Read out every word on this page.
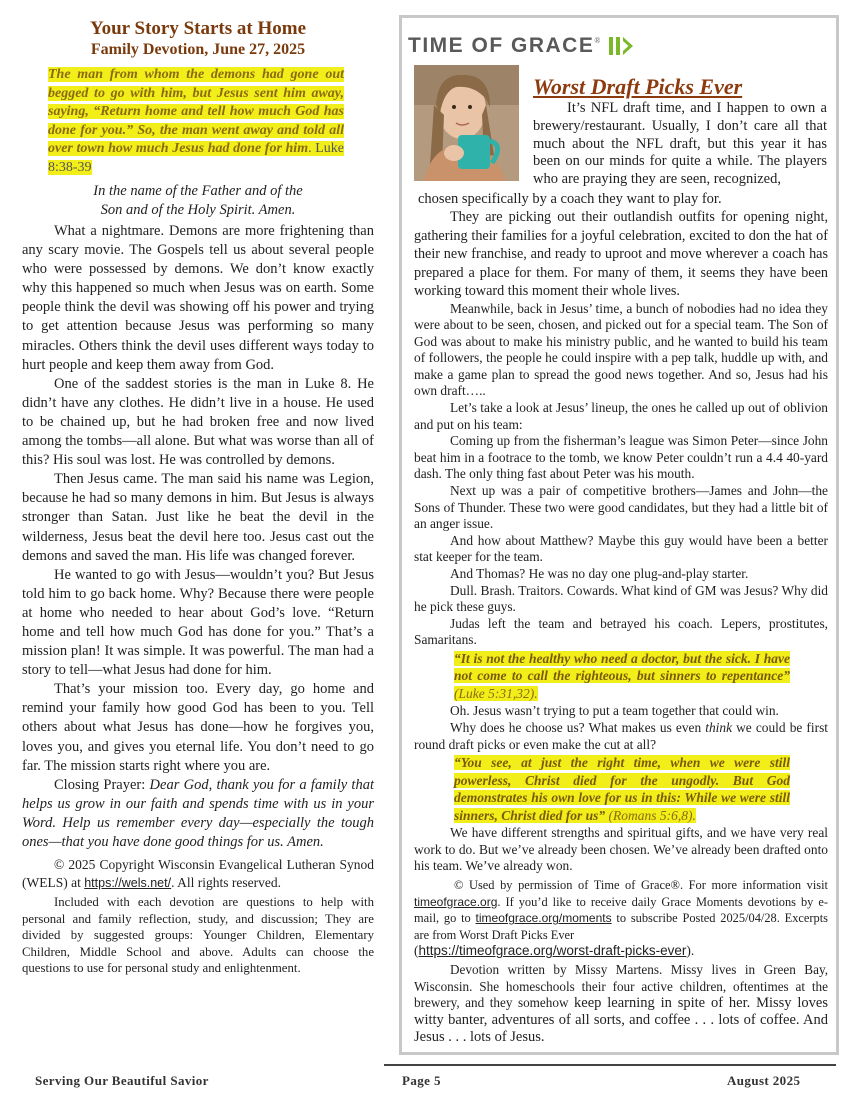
Your Story Starts at Home
Family Devotion, June 27, 2025
The man from whom the demons had gone out begged to go with him, but Jesus sent him away, saying, “Return home and tell how much God has done for you.” So, the man went away and told all over town how much Jesus had done for him. Luke 8:38-39
In the name of the Father and of the
Son and of the Holy Spirit. Amen.

What a nightmare. Demons are more frightening than any scary movie. The Gospels tell us about several people who were possessed by demons. We don’t know exactly why this happened so much when Jesus was on earth. Some people think the devil was showing off his power and trying to get attention because Jesus was performing so many miracles. Others think the devil uses different ways today to hurt people and keep them away from God.

One of the saddest stories is the man in Luke 8. He didn’t have any clothes. He didn’t live in a house. He used to be chained up, but he had broken free and now lived among the tombs—all alone. But what was worse than all of this? His soul was lost. He was controlled by demons.

Then Jesus came. The man said his name was Legion, because he had so many demons in him. But Jesus is always stronger than Satan. Just like he beat the devil in the wilderness, Jesus beat the devil here too. Jesus cast out the demons and saved the man. His life was changed forever.

He wanted to go with Jesus—wouldn’t you? But Jesus told him to go back home. Why? Because there were people at home who needed to hear about God’s love. “Return home and tell how much God has done for you.” That’s a mission plan! It was simple. It was powerful. The man had a story to tell—what Jesus had done for him.

That’s your mission too. Every day, go home and remind your family how good God has been to you. Tell others about what Jesus has done—how he forgives you, loves you, and gives you eternal life. You don’t need to go far. The mission starts right where you are.

Closing Prayer: Dear God, thank you for a family that helps us grow in our faith and spends time with us in your Word. Help us remember every day—especially the tough ones—that you have done good things for us. Amen.

© 2025 Copyright Wisconsin Evangelical Lutheran Synod (WELS) at https://wels.net/. All rights reserved.

Included with each devotion are questions to help with personal and family reflection, study, and discussion; They are divided by suggested groups: Younger Children, Elementary Children, Middle School and above. Adults can choose the questions to use for personal study and enlightenment.

TIME OF GRACE ®
Worst Draft Picks Ever

It’s NFL draft time, and I happen to own a brewery/restaurant. Usually, I don’t care all that much about the NFL draft, but this year it has been on our minds for quite a while. The players who are praying they are seen, recognized,

chosen specifically by a coach they want to play for.

They are picking out their outlandish outfits for opening night, gathering their families for a joyful celebration, excited to don the hat of their new franchise, and ready to uproot and move wherever a coach has prepared a place for them. For many of them, it seems they have been working toward this moment their whole lives.

Meanwhile, back in Jesus’ time, a bunch of nobodies had no idea they were about to be seen, chosen, and picked out for a special team. The Son of God was about to make his ministry public, and he wanted to build his team of followers, the people he could inspire with a pep talk, huddle up with, and make a game plan to spread the good news together. And so, Jesus had his own draft…..

Let’s take a look at Jesus’ lineup, the ones he called up out of oblivion and put on his team:

Coming up from the fisherman’s league was Simon Peter—since John beat him in a footrace to the tomb, we know Peter couldn’t run a 4.4 40-yard dash. The only thing fast about Peter was his mouth.

Next up was a pair of competitive brothers—James and John—the Sons of Thunder. These two were good candidates, but they had a little bit of an anger issue.

And how about Matthew? Maybe this guy would have been a better stat keeper for the team.

And Thomas? He was no day one plug-and-play starter.

Dull. Brash. Traitors. Cowards. What kind of GM was Jesus? Why did he pick these guys.

Judas left the team and betrayed his coach. Lepers, prostitutes, Samaritans.

“It is not the healthy who need a doctor, but the sick. I have not come to call the righteous, but sinners to repentance” (Luke 5:31,32).

Oh. Jesus wasn’t trying to put a team together that could win.

Why does he choose us? What makes us even think we could be first round draft picks or even make the cut at all?

“You see, at just the right time, when we were still powerless, Christ died for the ungodly. But God demonstrates his own love for us in this: While we were still sinners, Christ died for us” (Romans 5:6,8).

We have different strengths and spiritual gifts, and we have very real work to do. But we’ve already been chosen. We’ve already been drafted onto his team. We’ve already won.

© Used by permission of Time of Grace®. For more information visit timeofgrace.org. If you’d like to receive daily Grace Moments devotions by e-mail, go to timeofgrace.org/moments to subscribe Posted 2025/04/28. Excerpts are from Worst Draft Picks Ever
(https://timeofgrace.org/worst-draft-picks-ever).

Devotion written by Missy Martens. Missy lives in Green Bay, Wisconsin. She homeschools their four active children, oftentimes at the brewery, and they somehow keep learning in spite of her. Missy loves witty banter, adventures of all sorts, and coffee . . . lots of coffee. And Jesus . . . lots of Jesus.

Serving Our Beautiful Savior	Page 5	August 2025
